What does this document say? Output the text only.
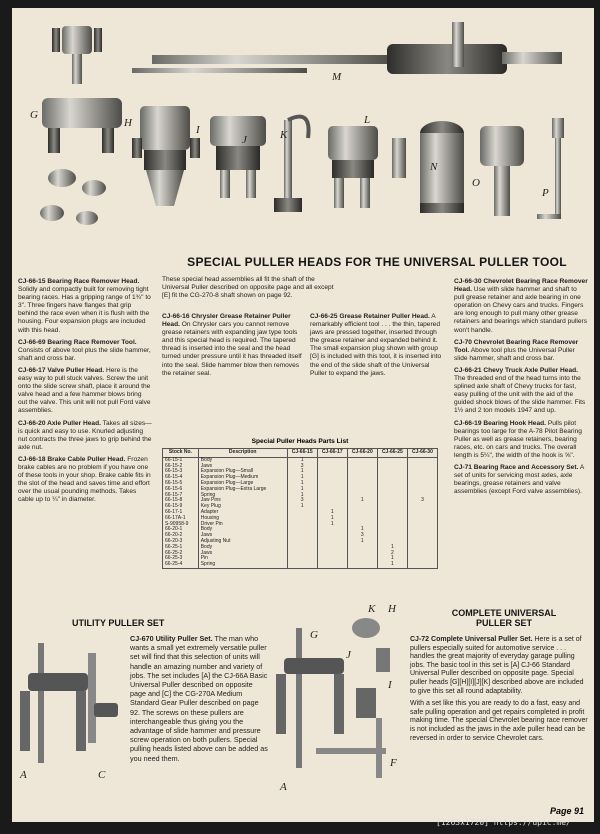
G
H
I
J	K
L
M
N
O
P
SPECIAL PULLER HEADS FOR THE UNIVERSAL PULLER TOOL

CJ-66-15 Bearing Race Remover Head. Solidly and compactly built for removing tight bearing races. Has a gripping range of 1¾" to 3". Three fingers have flanges that grip behind the race even when it is flush with the housing. Four expansion plugs are included with this head.

CJ-66-69 Bearing Race Remover Tool. Consists of above tool plus the slide hammer, shaft and cross bar.

CJ-66-17 Valve Puller Head. Here is the easy way to pull stuck valves. Screw the unit onto the slide screw shaft, place it around the valve head and a few hammer blows bring out the valve. This unit will not pull Ford valve assemblies.

CJ-66-20 Axle Puller Head. Takes all sizes—is quick and easy to use. Knurled adjusting nut contracts the three jaws to grip behind the axle nut.

CJ-66-18 Brake Cable Puller Head. Frozen brake cables are no problem if you have one of these tools in your shop. Brake cable fits in the slot of the head and saves time and effort over the usual pounding methods. Takes cable up to ¼" in diameter.

These special head assemblies all fit the shaft of the Universal Puller described on opposite page and all except [E] fit the CG-270-8 shaft shown on page 92.

CJ-66-16 Chrysler Grease Retainer Puller Head. On Chrysler cars you cannot remove grease retainers with expanding jaw type tools and this special head is required. The tapered thread is inserted into the seal and the head turned under pressure until it has threaded itself into the seal. Slide hammer blow then removes the retainer seal.

CJ-66-25 Grease Retainer Puller Head. A remarkably efficient tool . . . the thin, tapered jaws are pressed together, inserted through the grease retainer and expanded behind it. The small expansion plug shown with group [G] is included with this tool, it is inserted into the end of the slide shaft of the Universal Puller to expand the jaws.

CJ-66-30 Chevrolet Bearing Race Remover Head. Use with slide hammer and shaft to pull grease retainer and axle bearing in one operation on Chevy cars and trucks. Fingers are long enough to pull many other grease retainers and bearings which standard pullers won't handle.

CJ-70 Chevrolet Bearing Race Remover Tool. Above tool plus the Universal Puller slide hammer, shaft and cross bar.

CJ-66-21 Chevy Truck Axle Puller Head. The threaded end of the head turns into the splined axle shaft of Chevy trucks for fast, easy pulling of the unit with the aid of the guided shock blows of the slide hammer. Fits 1½ and 2 ton models 1947 and up.

CJ-66-19 Bearing Hook Head. Pulls pilot bearings too large for the A-78 Pilot Bearing Puller as well as grease retainers, bearing races, etc. on cars and trucks. The overall length is 5¼", the width of the hook is ⅝".

CJ-71 Bearing Race and Accessory Set. A set of units for servicing most axles, axle bearings, grease retainers and valve assemblies (except Ford valve assemblies).

Special Puller Heads Parts List
Stock No.	Description	CJ-66-15	CJ-66-17	CJ-66-20	CJ-66-25	CJ-66-30
66-15-1	Body	1				
66-15-2	Jaws	3				
66-15-3	Expansion Plug—Small	1				
66-15-4	Expansion Plug—Medium	1				
66-15-5	Expansion Plug—Large	1				
66-15-6	Expansion Plug—Extra Large	1				
66-15-7	Spring	1				
66-15-8	Jaw Pins	3		1		3
66-15-9	Key Plug	1				
66-17-1	Adapter		1			
66-17A-1	Housing		1			
S-90958-9	Driver Pin		1			
66-20-1	Body			1		
66-20-2	Jaws			3		
66-20-3	Adjusting Nut			1		
66-25-1	Body				1	
66-25-2	Jaws				2	
66-25-3	Pin				1	
66-25-4	Spring				1	
UTILITY PULLER SET
A	C

CJ-670 Utility Puller Set. The man who wants a small yet extremely versatile puller set will find that this selection of units will handle an amazing number and variety of jobs. The set includes [A] the CJ-66A Basic Universal Puller described on opposite page and [C] the CG-270A Medium Standard Gear Puller described on page 92. The screws on these pullers are interchangeable thus giving you the advantage of slide hammer and pressure screw operation on both pullers. Special pulling heads listed above can be added as you need them.

COMPLETE UNIVERSAL
PULLER SET
K H
G
J
I
F
A

CJ-72 Complete Universal Puller Set. Here is a set of pullers especially suited for automotive service . . . handles the great majority of everyday garage pulling jobs. The basic tool in this set is [A] CJ-66 Standard Universal Puller described on opposite page. Special puller heads [G][H][I][J][K] described above are included to give this set all round adaptability.

With a set like this you are ready to do a fast, easy and safe pulling operation and get repairs completed in profit making time. The special Chevrolet bearing race remover is not included as the jaws in the axle puller head can be reversed in order to service Chevrolet cars.

Page 91
[1263x1720] https://upic.me/
